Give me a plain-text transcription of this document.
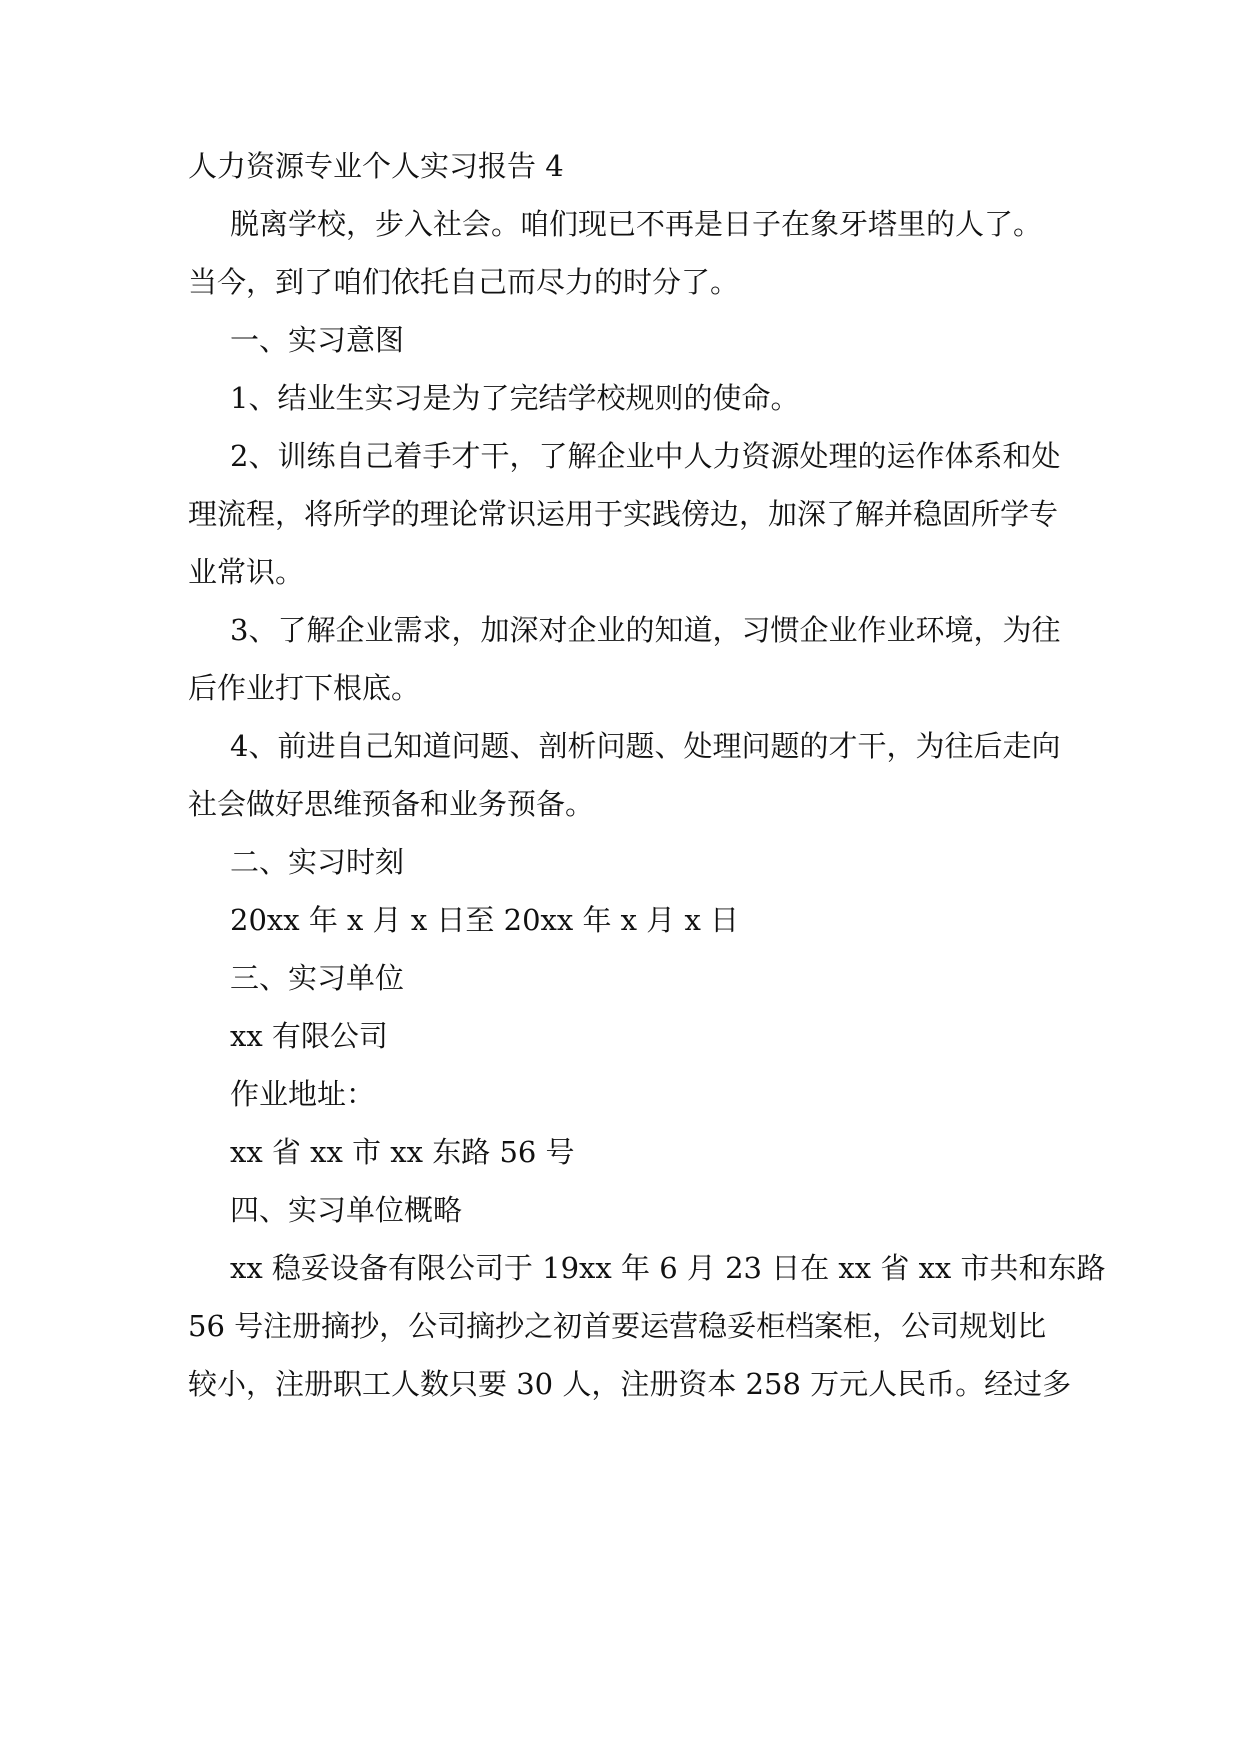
人力资源专业个人实习报告 4

脱离学校，步入社会。咱们现已不再是日子在象牙塔里的人了。

当今，到了咱们依托自己而尽力的时分了。

一、实习意图

1、结业生实习是为了完结学校规则的使命。

2、训练自己着手才干，了解企业中人力资源处理的运作体系和处

理流程，将所学的理论常识运用于实践傍边，加深了解并稳固所学专

业常识。

3、了解企业需求，加深对企业的知道，习惯企业作业环境，为往

后作业打下根底。

4、前进自己知道问题、剖析问题、处理问题的才干，为往后走向

社会做好思维预备和业务预备。

二、实习时刻

20xx 年 x 月 x 日至 20xx 年 x 月 x 日

三、实习单位

xx 有限公司

作业地址：

xx 省 xx 市 xx 东路 56 号

四、实习单位概略

xx 稳妥设备有限公司于 19xx 年 6 月 23 日在 xx 省 xx 市共和东路

56 号注册摘抄，公司摘抄之初首要运营稳妥柜档案柜，公司规划比

较小，注册职工人数只要 30 人，注册资本 258 万元人民币。经过多
